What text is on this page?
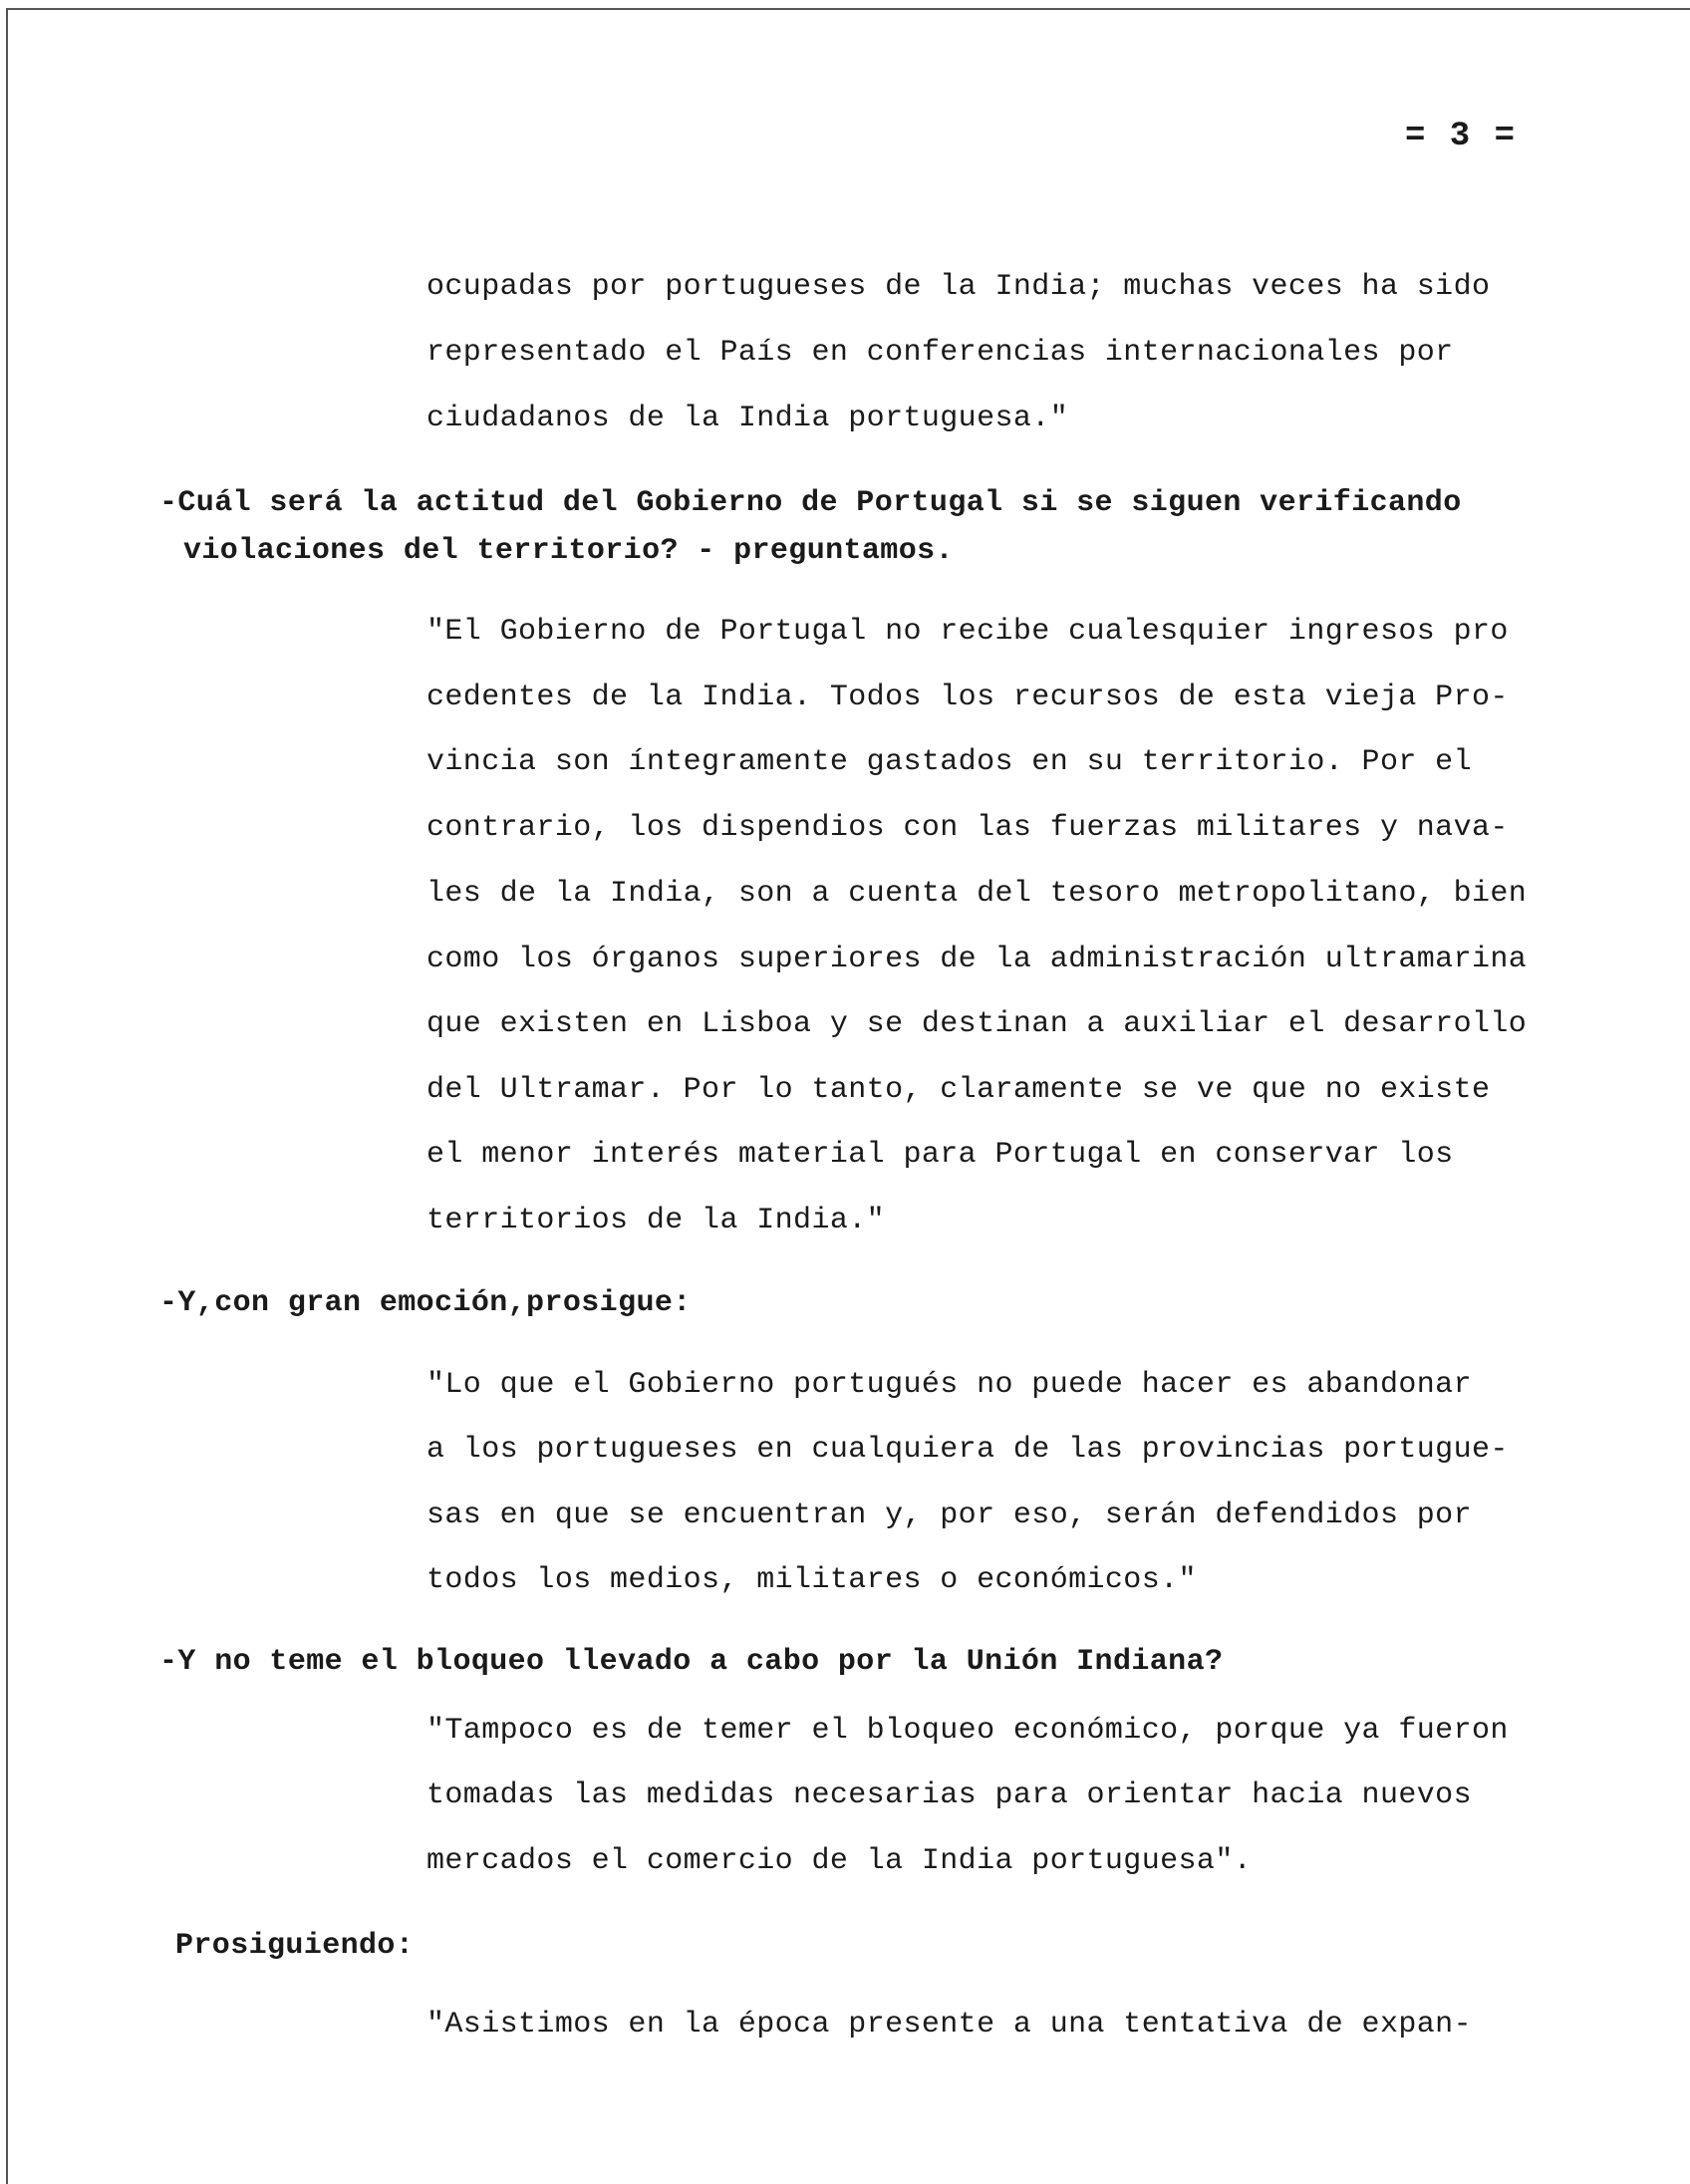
= 3 =
ocupadas por portugueses de la India; muchas veces ha sido
representado el País en conferencias internacionales por
ciudadanos de la India portuguesa."
-Cuál será la actitud del Gobierno de Portugal si se siguen verificando
violaciones del territorio? - preguntamos.
"El Gobierno de Portugal no recibe cualesquier ingresos pro
cedentes de la India. Todos los recursos de esta vieja Pro-
vincia son íntegramente gastados en su territorio. Por el
contrario, los dispendios con las fuerzas militares y nava-
les de la India, son a cuenta del tesoro metropolitano, bien
como los órganos superiores de la administración ultramarina
que existen en Lisboa y se destinan a auxiliar el desarrollo
del Ultramar. Por lo tanto, claramente se ve que no existe
el menor interés material para Portugal en conservar los
territorios de la India."
-Y,con gran emoción,prosigue:
"Lo que el Gobierno portugués no puede hacer es abandonar
a los portugueses en cualquiera de las provincias portugue-
sas en que se encuentran y, por eso, serán defendidos por
todos los medios, militares o económicos."
-Y no teme el bloqueo llevado a cabo por la Unión Indiana?
"Tampoco es de temer el bloqueo económico, porque ya fueron
tomadas las medidas necesarias para orientar hacia nuevos
mercados el comercio de la India portuguesa".
Prosiguiendo:
"Asistimos en la época presente a una tentativa de expan-
